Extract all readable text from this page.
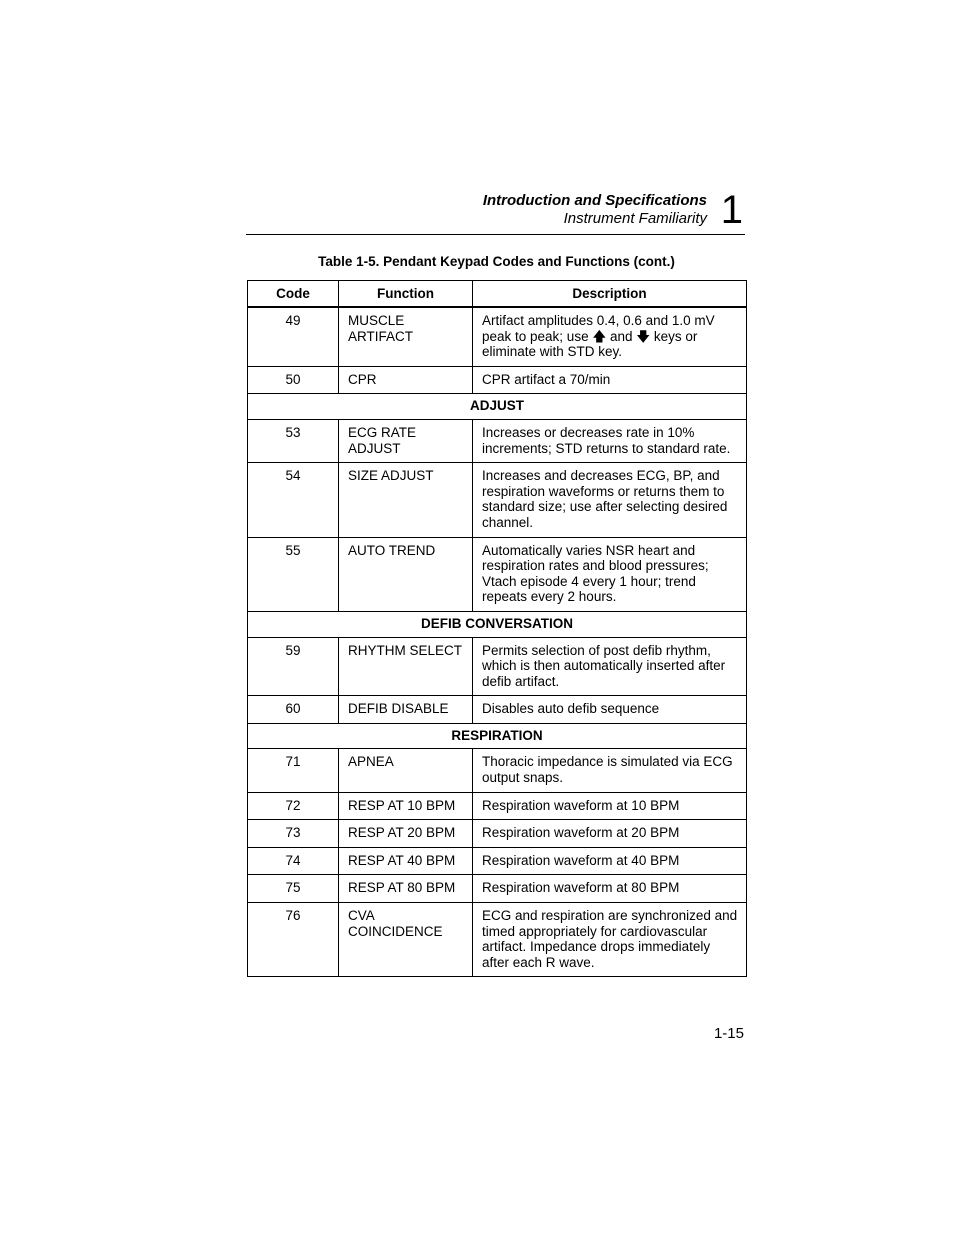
Introduction and Specifications
Instrument Familiarity 1
Table 1-5. Pendant Keypad Codes and Functions (cont.)
Code	Function	Description
49	MUSCLE ARTIFACT	Artifact amplitudes 0.4, 0.6 and 1.0 mV peak to peak; use 🡅 and 🡇 keys or eliminate with STD key.
50	CPR	CPR artifact a 70/min
ADJUST		
53	ECG RATE ADJUST	Increases or decreases rate in 10% increments; STD returns to standard rate.
54	SIZE ADJUST	Increases and decreases ECG, BP, and respiration waveforms or returns them to standard size; use after selecting desired channel.
55	AUTO TREND	Automatically varies NSR heart and respiration rates and blood pressures; Vtach episode 4 every 1 hour; trend repeats every 2 hours.
DEFIB CONVERSATION		
59	RHYTHM SELECT	Permits selection of post defib rhythm, which is then automatically inserted after defib artifact.
60	DEFIB DISABLE	Disables auto defib sequence
RESPIRATION		
71	APNEA	Thoracic impedance is simulated via ECG output snaps.
72	RESP AT 10 BPM	Respiration waveform at 10 BPM
73	RESP AT 20 BPM	Respiration waveform at 20 BPM
74	RESP AT 40 BPM	Respiration waveform at 40 BPM
75	RESP AT 80 BPM	Respiration waveform at 80 BPM
76	CVA COINCIDENCE	ECG and respiration are synchronized and timed appropriately for cardiovascular artifact. Impedance drops immediately after each R wave.
1-15
